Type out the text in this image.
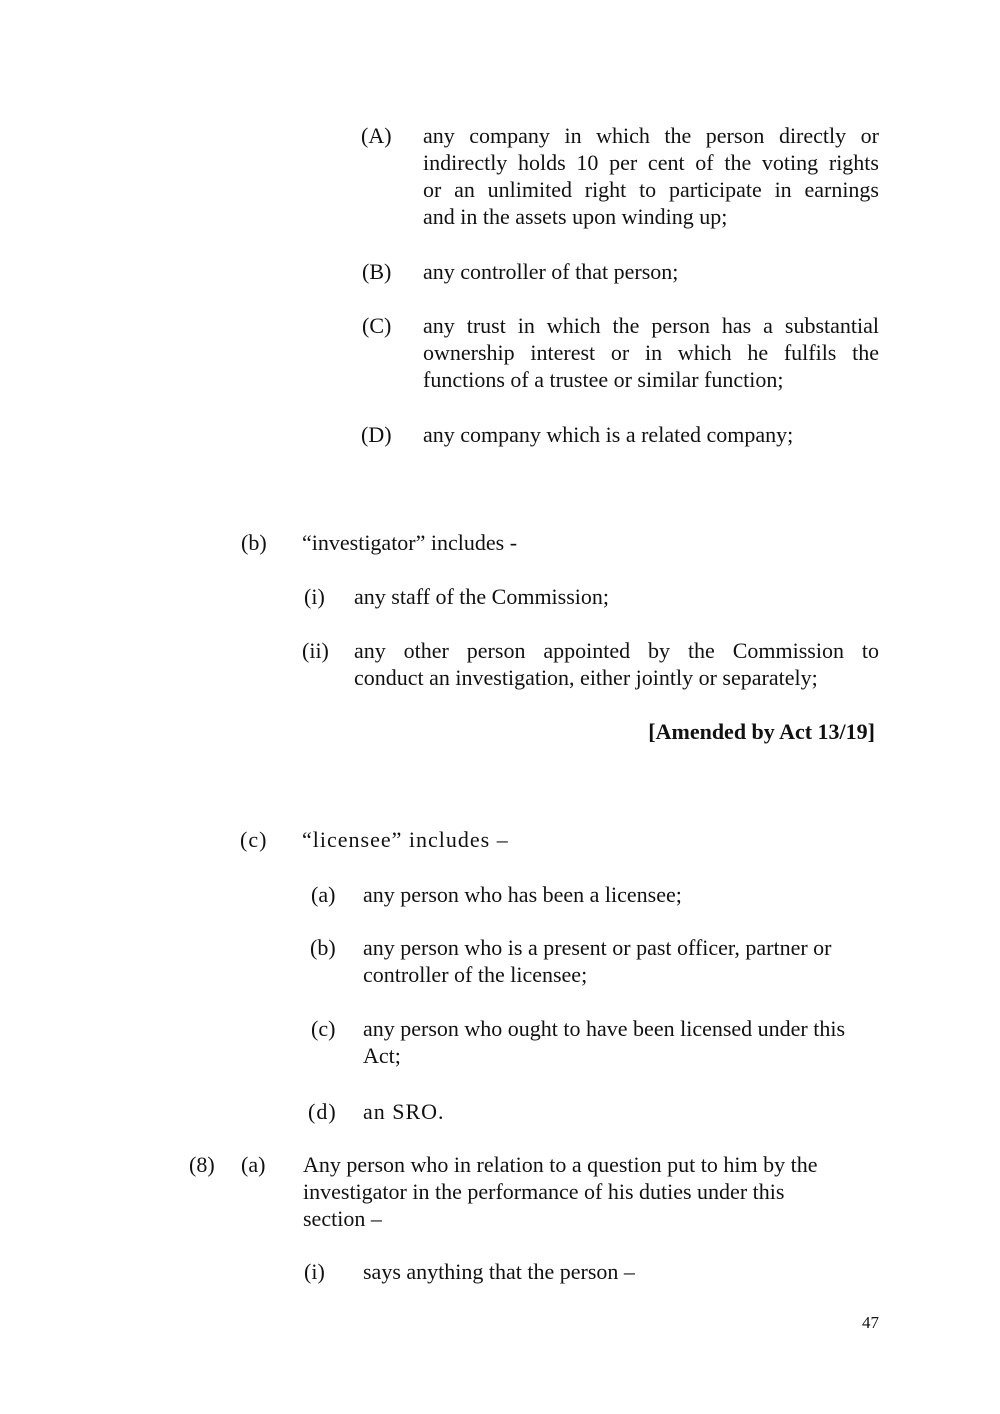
(A) any company in which the person directly or
indirectly holds 10 per cent of the voting rights
or an unlimited right to participate in earnings
and in the assets upon winding up;
(B) any controller of that person;
(C) any trust in which the person has a substantial
ownership interest or in which he fulfils the
functions of a trustee or similar function;
(D) any company which is a related company;
(b) “investigator” includes -
(i) any staff of the Commission;
(ii) any other person appointed by the Commission to
conduct an investigation, either jointly or separately;
[Amended by Act 13/19]
(c) “licensee” includes –
(a) any person who has been a licensee;
(b) any person who is a present or past officer, partner or
controller of the licensee;
(c) any person who ought to have been licensed under this
Act;
(d) an SRO.
(8) (a) Any person who in relation to a question put to him by the
investigator in the performance of his duties under this
section –
(i) says anything that the person –
47
